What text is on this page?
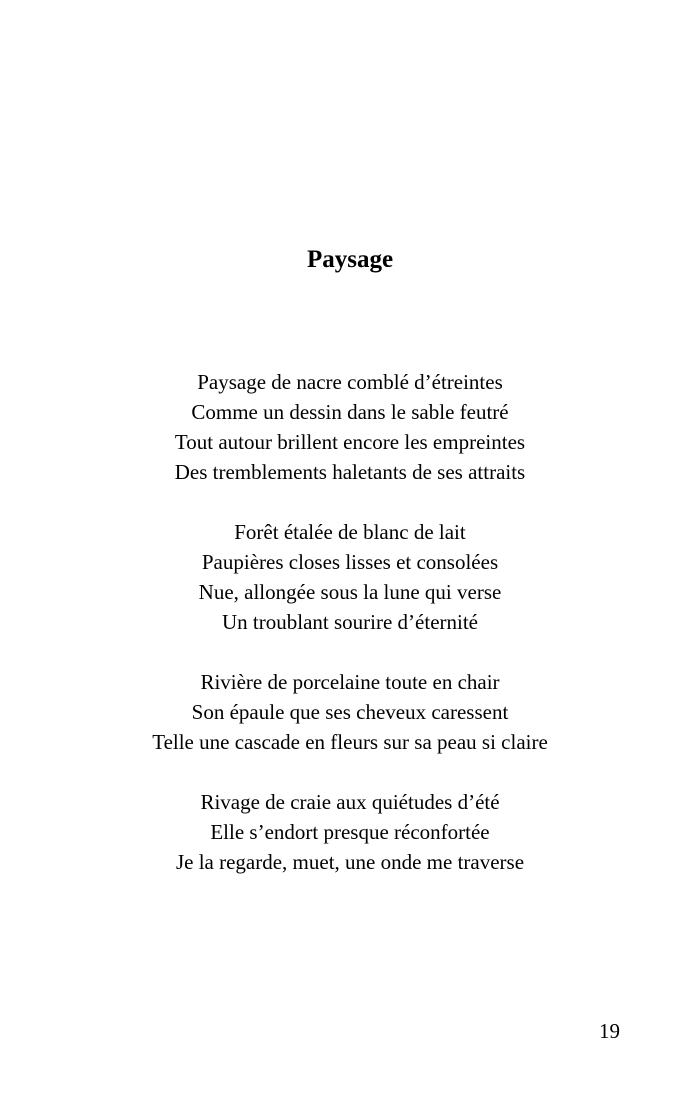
Paysage
Paysage de nacre comblé d’étreintes
Comme un dessin dans le sable feutré
Tout autour brillent encore les empreintes
Des tremblements haletants de ses attraits
Forêt étalée de blanc de lait
Paupières closes lisses et consolées
Nue, allongée sous la lune qui verse
Un troublant sourire d’éternité
Rivière de porcelaine toute en chair
Son épaule que ses cheveux caressent
Telle une cascade en fleurs sur sa peau si claire
Rivage de craie aux quiétudes d’été
Elle s’endort presque réconfortée
Je la regarde, muet, une onde me traverse
19
